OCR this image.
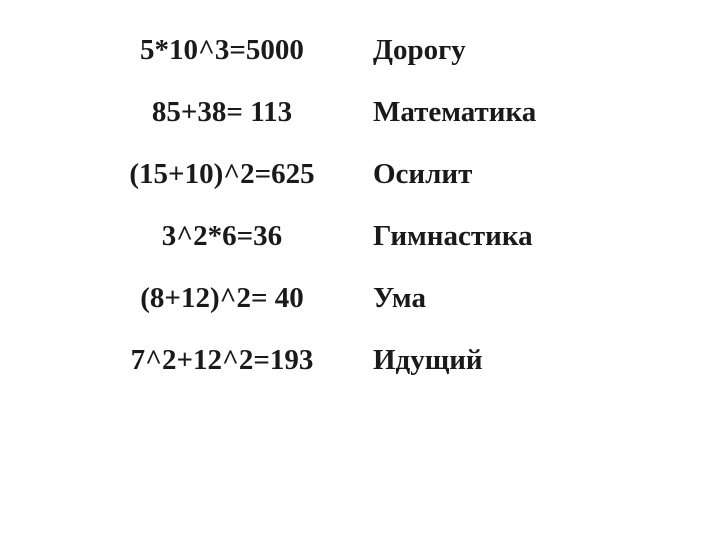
5*10^3=5000	Дорогу
85+38= 113	Математика
(15+10)^2=625	Осилит
3^2*6=36	Гимнастика
(8+12)^2= 40	Ума
7^2+12^2=193	Идущий
